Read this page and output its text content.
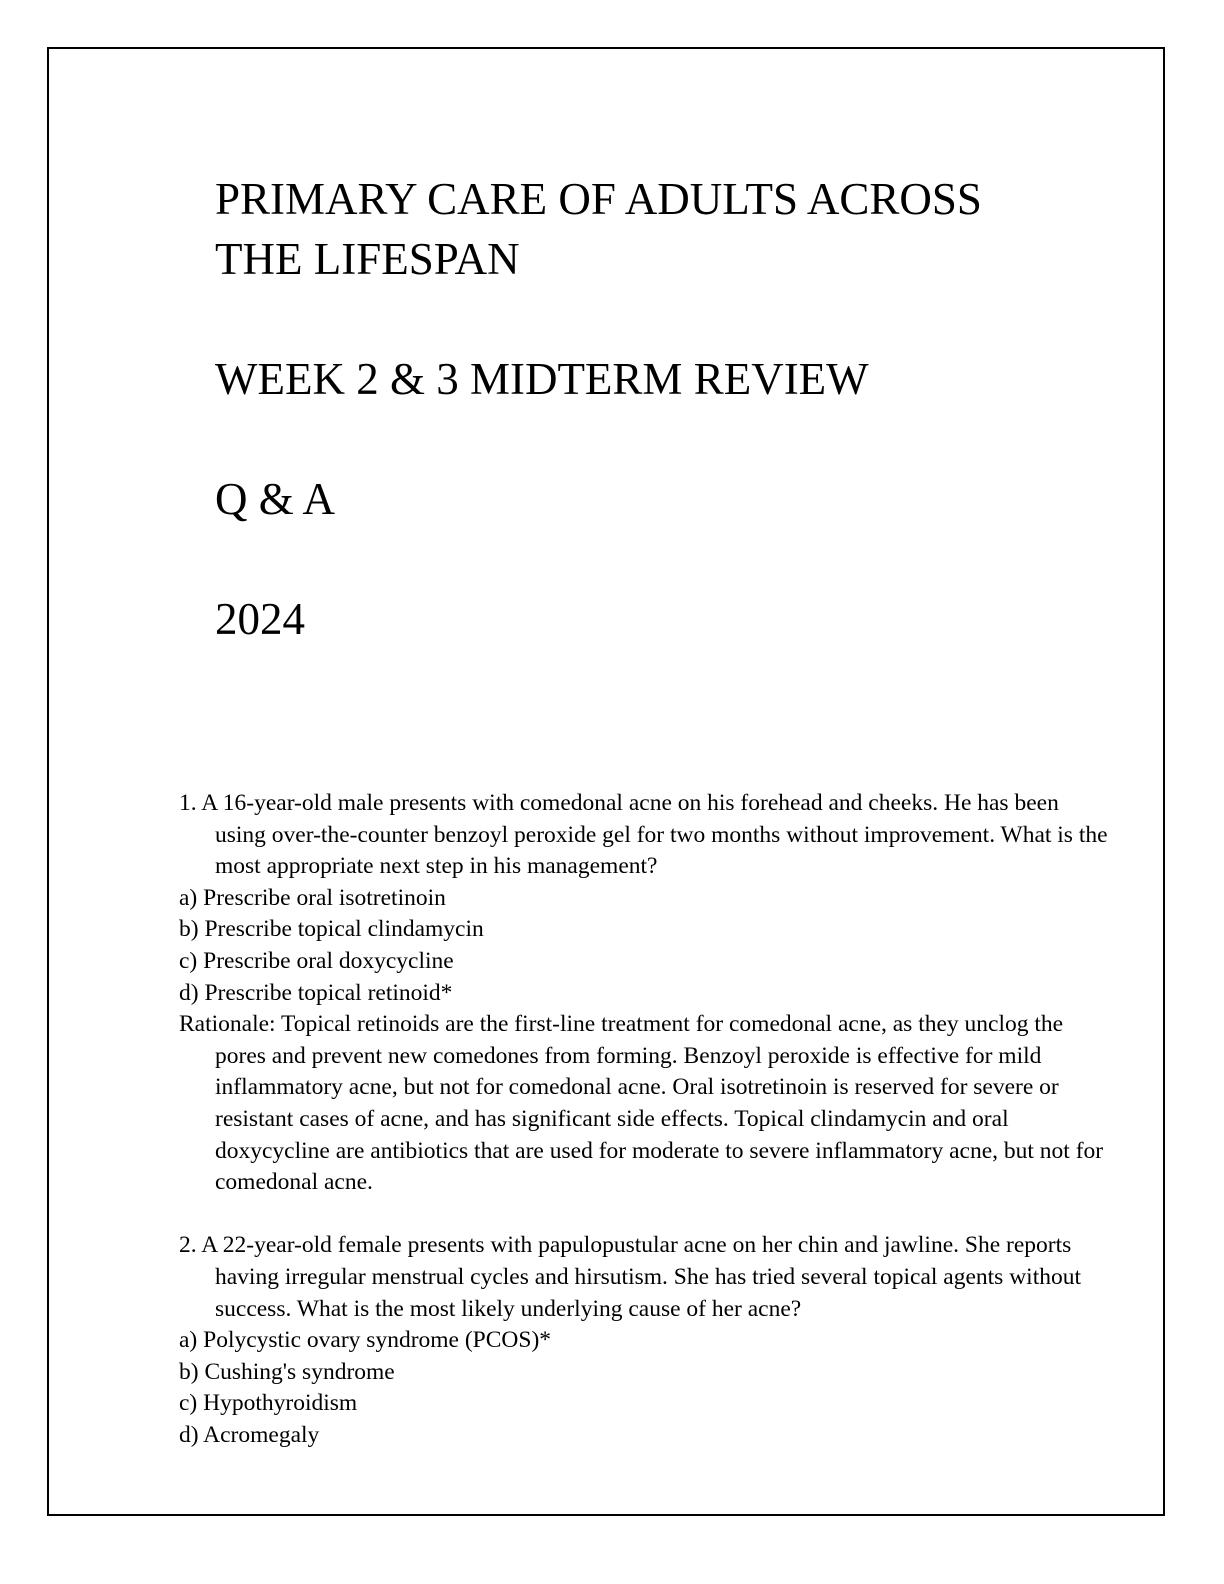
PRIMARY CARE OF ADULTS ACROSS
THE LIFESPAN
WEEK 2 & 3 MIDTERM REVIEW
Q & A
2024

1. A 16-year-old male presents with comedonal acne on his forehead and cheeks. He has been using over-the-counter benzoyl peroxide gel for two months without improvement. What is the most appropriate next step in his management?

a) Prescribe oral isotretinoin

b) Prescribe topical clindamycin

c) Prescribe oral doxycycline

d) Prescribe topical retinoid*

Rationale: Topical retinoids are the first-line treatment for comedonal acne, as they unclog the pores and prevent new comedones from forming. Benzoyl peroxide is effective for mild inflammatory acne, but not for comedonal acne. Oral isotretinoin is reserved for severe or resistant cases of acne, and has significant side effects. Topical clindamycin and oral doxycycline are antibiotics that are used for moderate to severe inflammatory acne, but not for comedonal acne.

2. A 22-year-old female presents with papulopustular acne on her chin and jawline. She reports having irregular menstrual cycles and hirsutism. She has tried several topical agents without success. What is the most likely underlying cause of her acne?

a) Polycystic ovary syndrome (PCOS)*

b) Cushing's syndrome

c) Hypothyroidism

d) Acromegaly
